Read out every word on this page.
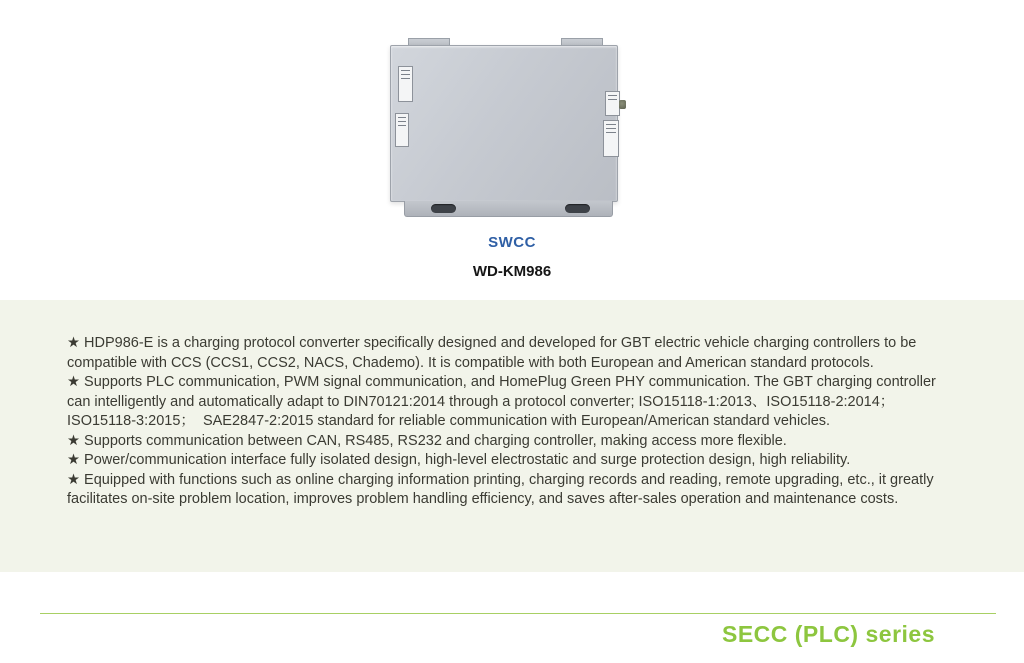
SWCC
WD-KM986

★ HDP986-E is a charging protocol converter specifically designed and developed for GBT electric vehicle charging controllers to be compatible with CCS (CCS1, CCS2, NACS, Chademo). It is compatible with both European and American standard protocols.

★ Supports PLC communication, PWM signal communication, and HomePlug Green PHY communication. The GBT charging controller can intelligently and automatically adapt to DIN70121:2014 through a protocol converter; ISO15118-1:2013、ISO15118-2:2014；  ISO15118-3:2015；  SAE2847-2:2015 standard for reliable communication with European/American standard vehicles.

★ Supports communication between CAN, RS485, RS232 and charging controller, making access more flexible.

★ Power/communication interface fully isolated design, high-level electrostatic and surge protection design, high reliability.

★ Equipped with functions such as online charging information printing, charging records and reading, remote upgrading, etc., it greatly facilitates on-site problem location, improves problem handling efficiency, and saves after-sales operation and maintenance costs.

SECC (PLC) series
